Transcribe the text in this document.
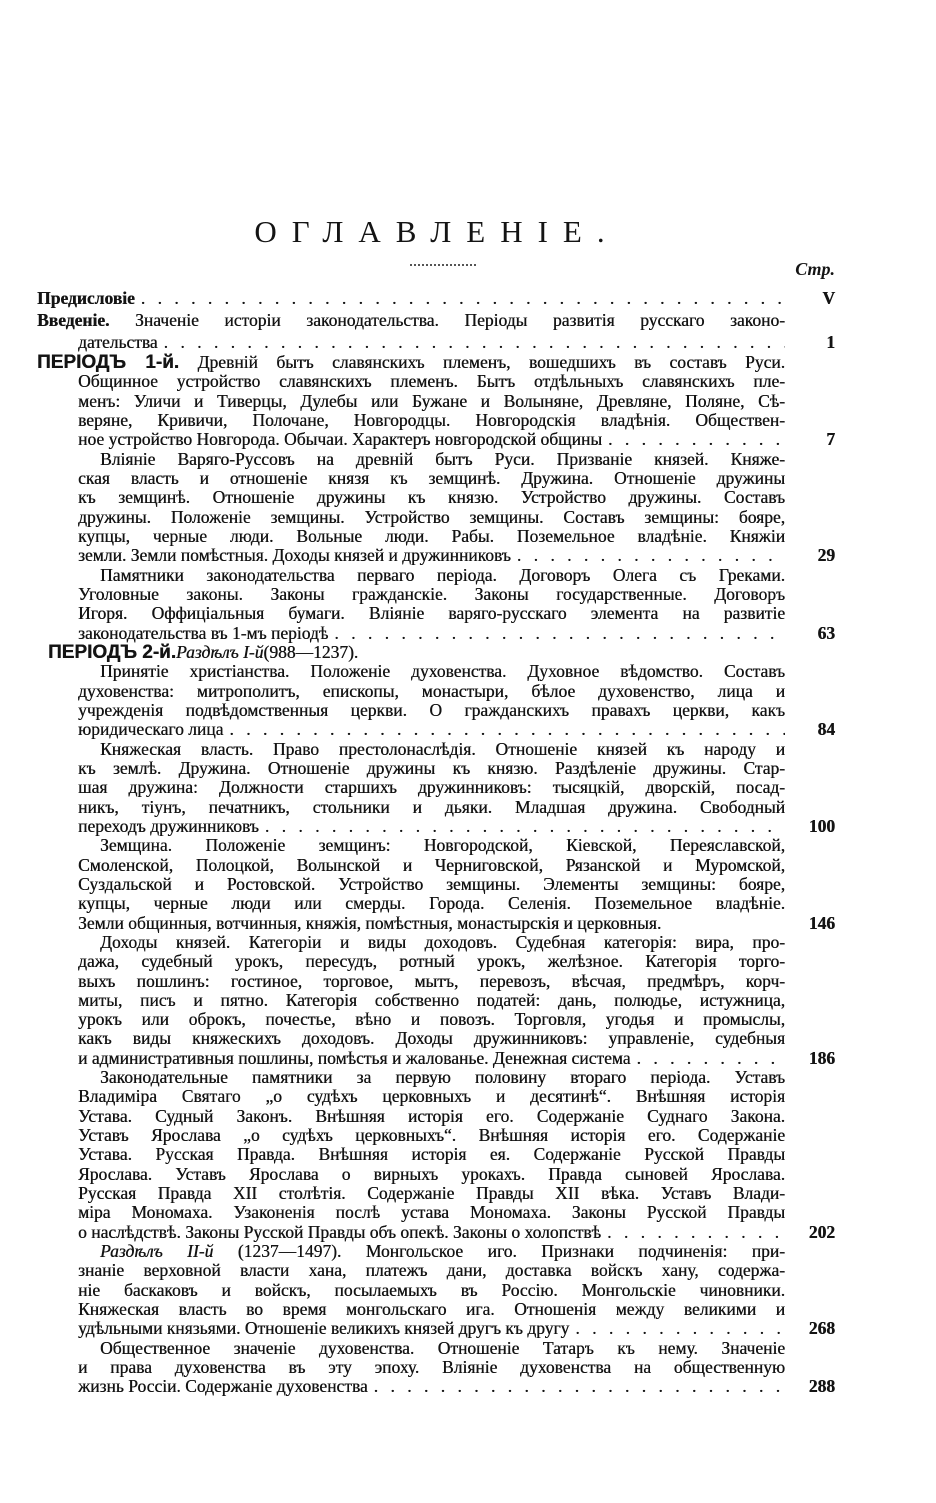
ОГЛАВЛЕНІЕ.
Стр.
Предисловіе . . .	V
Введеніе. Значеніе исторіи законодательства. Періоды развитія русскаго законо-
дательства . . .	1
ПЕРІОДЪ 1-й. Древній бытъ славянскихъ племенъ, вошедшихъ въ составъ Руси.
Общинное устройство славянскихъ племенъ. Бытъ отдѣльныхъ славянскихъ пле-
менъ: Уличи и Тиверцы, Дулебы или Бужане и Волыняне, Древляне, Поляне, Сѣ-
веряне, Кривичи, Полочане, Новгородцы. Новгородскія владѣнія. Обществен-
ное устройство Новгорода. Обычаи. Характеръ новгородской общины . . .	7
Вліяніе Варяго-Руссовъ на древній бытъ Руси. Призваніе князей. Княже-
ская власть и отношеніе князя къ земщинѣ. Дружина. Отношеніе дружины
къ земщинѣ. Отношеніе дружины къ князю. Устройство дружины. Составъ
дружины. Положеніе земщины. Устройство земщины. Составъ земщины: бояре,
купцы, черные люди. Вольные люди. Рабы. Поземельное владѣніе. Княжіи
земли. Земли помѣстныя. Доходы князей и дружинниковъ . . .	29
Памятники законодательства перваго періода. Договоръ Олега съ Греками.
Уголовные законы. Законы гражданскіе. Законы государственные. Договоръ
Игоря. Оффиціальныя бумаги. Вліяніе варяго-русскаго элемента на развитіе
законодательства въ 1-мъ періодѣ . . .	63
ПЕРІОДЪ 2-й. Раздѣлъ I-й (988—1237).
Принятіе христіанства. Положеніе духовенства. Духовное вѣдомство. Составъ
духовенства: митрополитъ, епископы, монастыри, бѣлое духовенство, лица и
учрежденія подвѣдомственныя церкви. О гражданскихъ правахъ церкви, какъ
юридическаго лица . . .	84
Княжеская власть. Право престолонаслѣдія. Отношеніе князей къ народу и
къ землѣ. Дружина. Отношеніе дружины къ князю. Раздѣленіе дружины. Стар-
шая дружина: Должности старшихъ дружинниковъ: тысяцкій, дворскій, посад-
никъ, тіунъ, печатникъ, стольники и дьяки. Младшая дружина. Свободный
переходъ дружинниковъ . . .	100
Земщина. Положеніе земщинъ: Новгородской, Кіевской, Переяславской,
Смоленской, Полоцкой, Волынской и Черниговской, Рязанской и Муромской,
Суздальской и Ростовской. Устройство земщины. Элементы земщины: бояре,
купцы, черные люди или смерды. Города. Селенія. Поземельное владѣніе.
Земли общинныя, вотчинныя, княжія, помѣстныя, монастырскія и церковныя.	146
Доходы князей. Категоріи и виды доходовъ. Судебная категорія: вира, про-
дажа, судебный урокъ, пересудъ, ротный урокъ, желѣзное. Категорія торго-
выхъ пошлинъ: гостиное, торговое, мытъ, перевозъ, вѣсчая, предмѣръ, корч-
миты, писъ и пятно. Категорія собственно податей: дань, полюдье, истужница,
урокъ или оброкъ, почестье, вѣно и повозъ. Торговля, угодья и промыслы,
какъ виды княжескихъ доходовъ. Доходы дружинниковъ: управленіе, судебныя
и административныя пошлины, помѣстья и жалованье. Денежная система . . .	186
Законодательные памятники за первую половину втораго періода. Уставъ
Владиміра Святаго „о судѣхъ церковныхъ и десятинѣ“. Внѣшняя исторія
Устава. Судный Законъ. Внѣшняя исторія его. Содержаніе Суднаго Закона.
Уставъ Ярослава „о судѣхъ церковныхъ“. Внѣшняя исторія его. Содержаніе
Устава. Русская Правда. Внѣшняя исторія ея. Содержаніе Русской Правды
Ярослава. Уставъ Ярослава о вирныхъ урокахъ. Правда сыновей Ярослава.
Русская Правда XII столѣтія. Содержаніе Правды XII вѣка. Уставъ Влади-
міра Мономаха. Узаконенія послѣ устава Мономаха. Законы Русской Правды
о наслѣдствѣ. Законы Русской Правды объ опекѣ. Законы о холопствѣ . . .	202
Раздѣлъ II-й (1237—1497). Монгольское иго. Признаки подчиненія: при-
знаніе верховной власти хана, платежъ дани, доставка войскъ хану, содержа-
ніе баскаковъ и войскъ, посылаемыхъ въ Россію. Монгольскіе чиновники.
Княжеская власть во время монгольскаго ига. Отношенія между великими и
удѣльными князьями. Отношеніе великихъ князей другъ къ другу . . .	268
Общественное значеніе духовенства. Отношеніе Татаръ къ нему. Значеніе
и права духовенства въ эту эпоху. Вліяніе духовенства на общественную
жизнь Россіи. Содержаніе духовенства . . .	288
